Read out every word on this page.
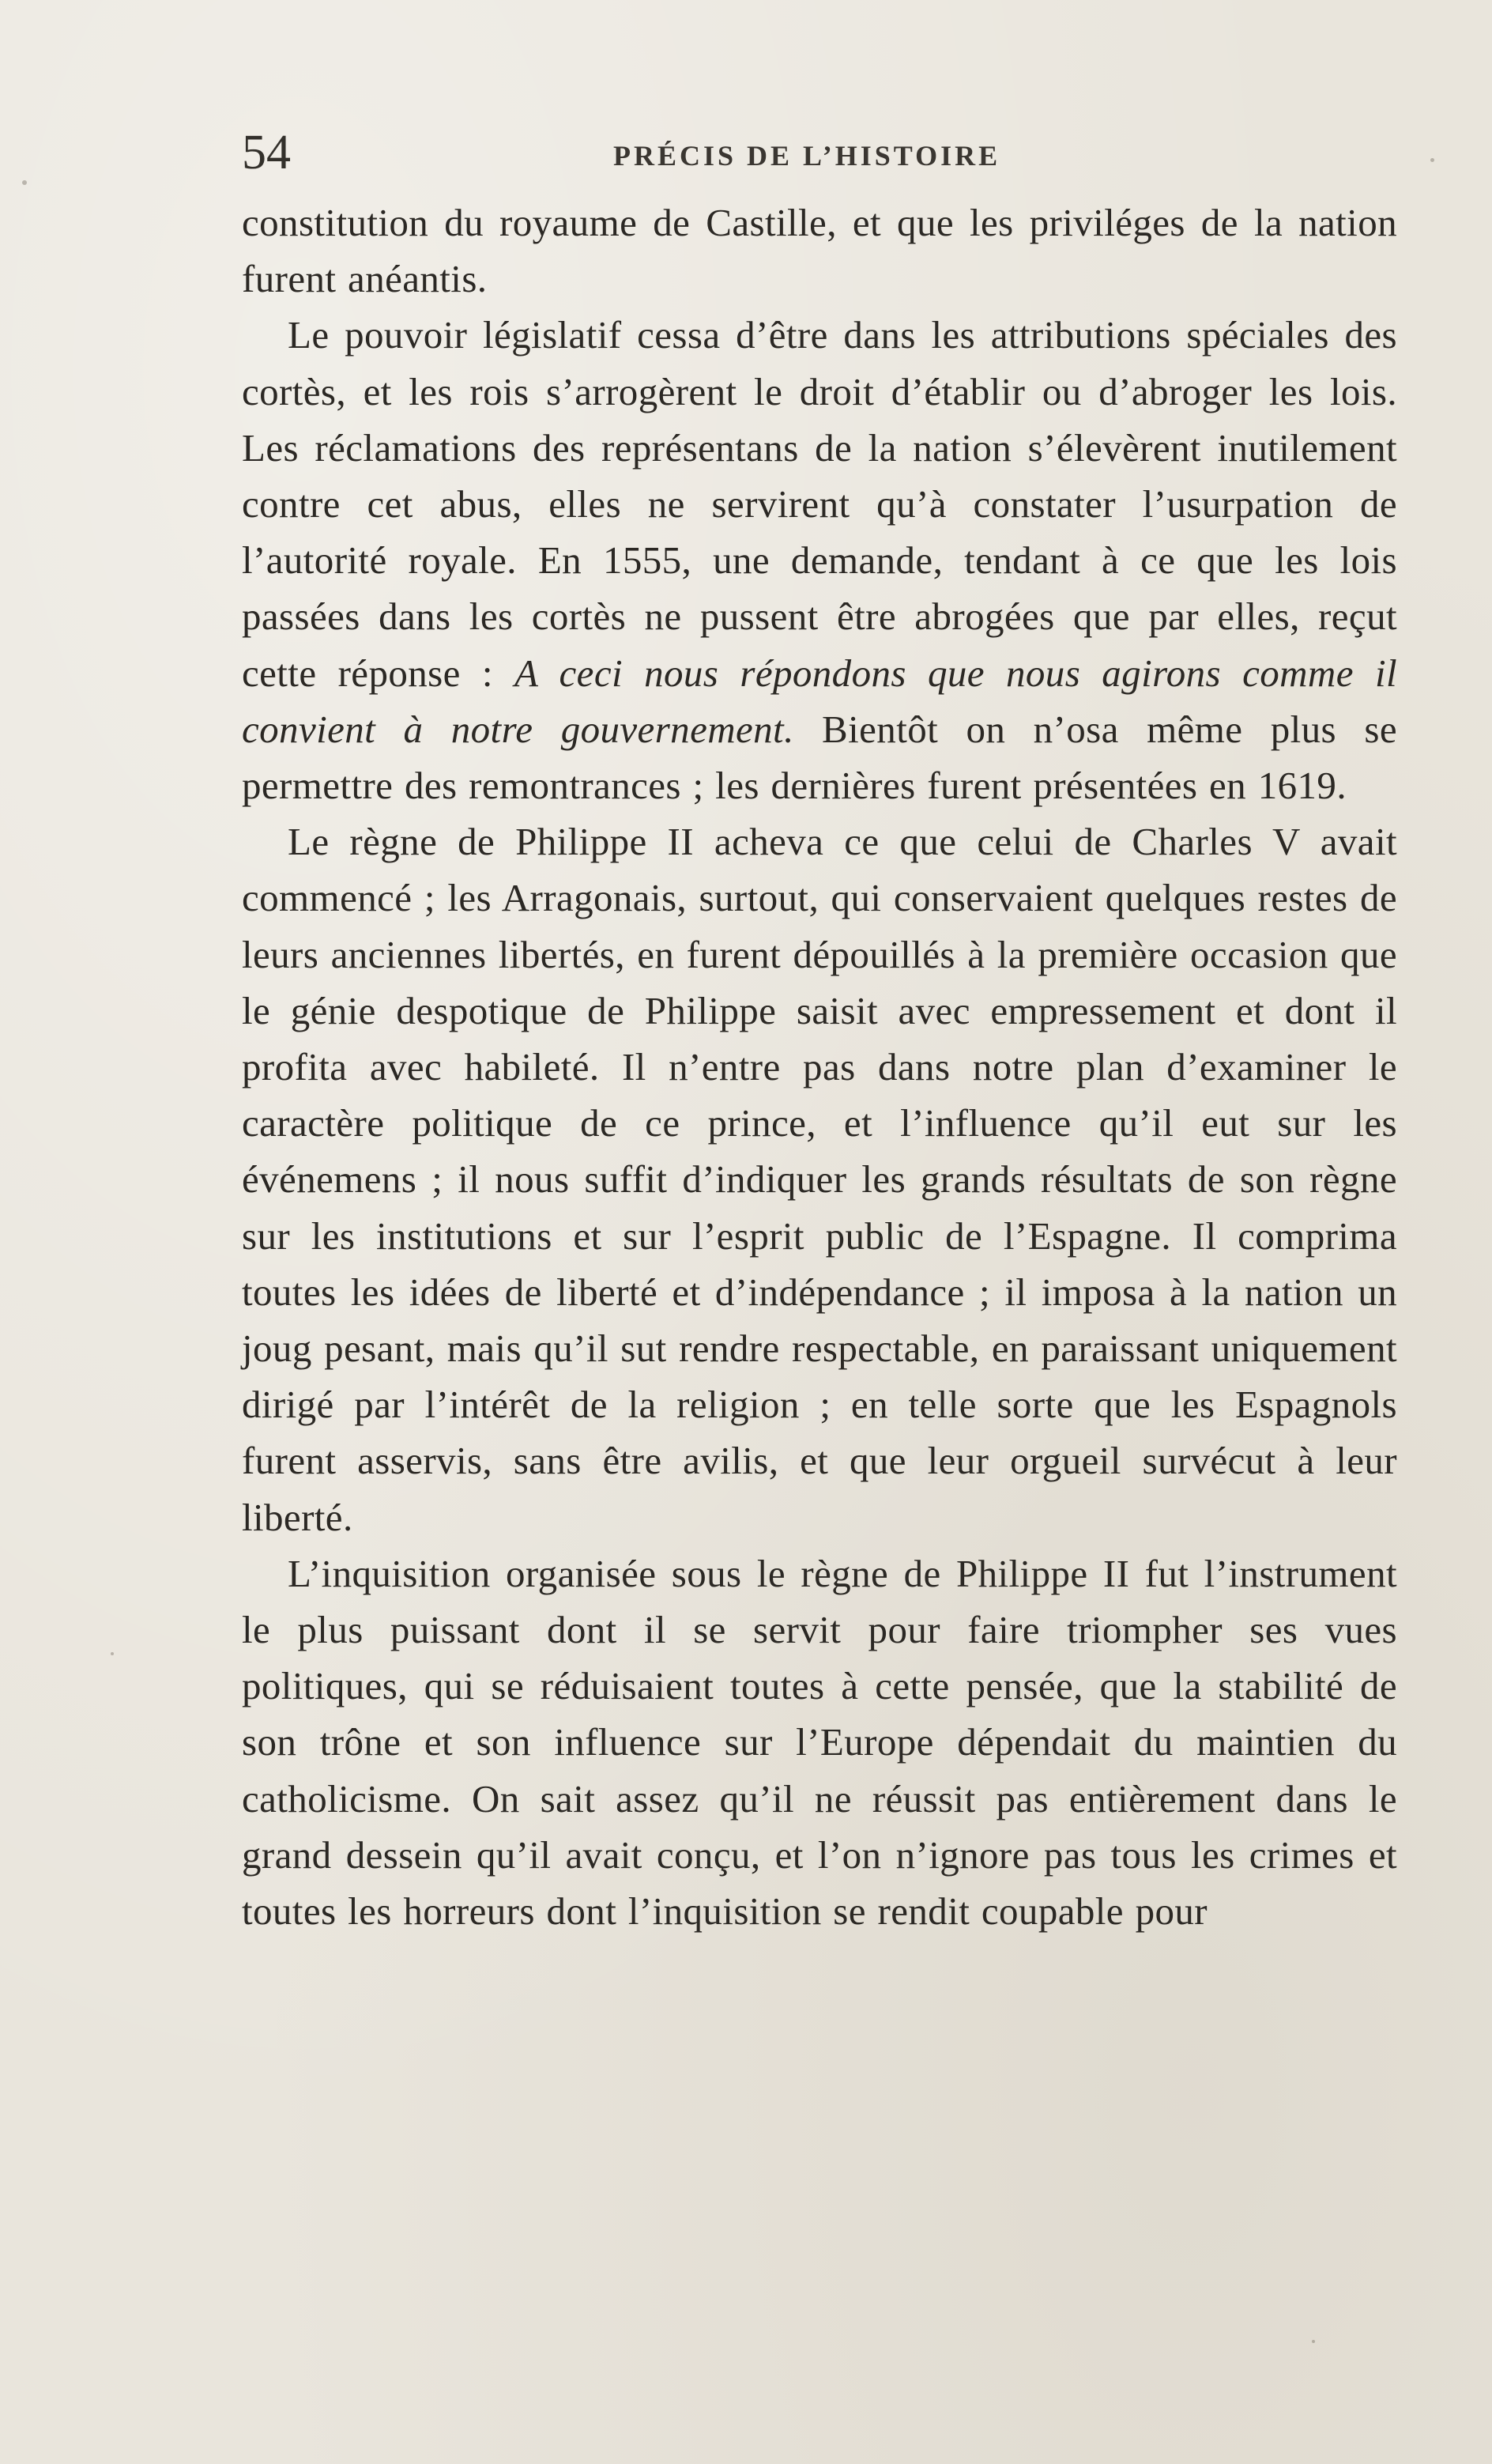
54	PRÉCIS DE L’HISTOIRE

constitution du royaume de Castille, et que les priviléges de la nation furent anéantis.

Le pouvoir législatif cessa d’être dans les attributions spéciales des cortès, et les rois s’arrogèrent le droit d’établir ou d’abroger les lois. Les réclamations des représentans de la nation s’élevèrent inutilement contre cet abus, elles ne servirent qu’à constater l’usurpation de l’autorité royale. En 1555, une demande, tendant à ce que les lois passées dans les cortès ne pussent être abrogées que par elles, reçut cette réponse : A ceci nous répondons que nous agirons comme il convient à notre gouvernement. Bientôt on n’osa même plus se permettre des remontrances ; les dernières furent présentées en 1619.

Le règne de Philippe II acheva ce que celui de Charles V avait commencé ; les Arragonais, surtout, qui conservaient quelques restes de leurs anciennes libertés, en furent dépouillés à la première occasion que le génie despotique de Philippe saisit avec empressement et dont il profita avec habileté. Il n’entre pas dans notre plan d’examiner le caractère politique de ce prince, et l’influence qu’il eut sur les événemens ; il nous suffit d’indiquer les grands résultats de son règne sur les institutions et sur l’esprit public de l’Espagne. Il comprima toutes les idées de liberté et d’indépendance ; il imposa à la nation un joug pesant, mais qu’il sut rendre respectable, en paraissant uniquement dirigé par l’intérêt de la religion ; en telle sorte que les Espagnols furent asservis, sans être avilis, et que leur orgueil survécut à leur liberté.

L’inquisition organisée sous le règne de Philippe II fut l’instrument le plus puissant dont il se servit pour faire triompher ses vues politiques, qui se réduisaient toutes à cette pensée, que la stabilité de son trône et son influence sur l’Europe dépendait du maintien du catholicisme. On sait assez qu’il ne réussit pas entièrement dans le grand dessein qu’il avait conçu, et l’on n’ignore pas tous les crimes et toutes les horreurs dont l’inquisition se rendit coupable pour
